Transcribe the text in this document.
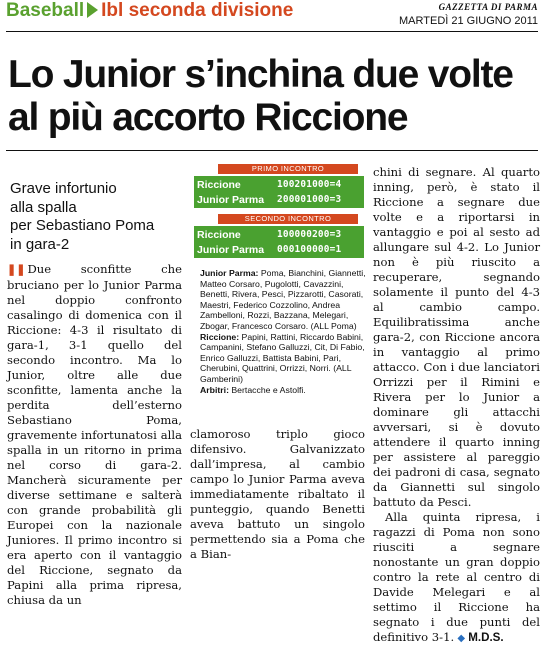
Baseball Ibl seconda divisione	GAZZETTA DI PARMA
MARTEDÌ 21 GIUGNO 2011
Lo Junior s’inchina due volte
al più accorto Riccione
Grave infortunio
alla spalla
per Sebastiano Poma
in gara-2

❚❚ Due sconfitte che bruciano per lo Junior Parma nel doppio confronto casalingo di domenica con il Riccione: 4-3 il risultato di gara-1, 3-1 quello del secondo incontro. Ma lo Junior, oltre alle due sconfitte, lamenta anche la perdita dell’esterno Sebastiano Poma, gravemente infortunatosi alla spalla in un ritorno in prima nel corso di gara-2. Mancherà sicuramente per diverse settimane e salterà con grande probabilità gli Europei con la nazionale Juniores. Il primo incontro si era aperto con il vantaggio del Riccione, segnato da Papini alla prima ripresa, chiusa da un

PRIMO INCONTRO
Riccione	100201000=4
Junior Parma 200001000=3
SECONDO INCONTRO
Riccione	100000200=3
Junior Parma 000100000=1
Junior Parma: Poma, Bianchini, Giannetti, Matteo Corsaro, Pugolotti, Cavazzini, Benetti, Rivera, Pesci, Pizzarotti, Casorati, Maestri, Federico Cozzolino, Andrea Zambelloni, Rozzi, Bazzana, Melegari, Zbogar, Francesco Corsaro. (ALL Poma)
Riccione: Papini, Rattini, Riccardo Babini, Campanini, Stefano Galluzzi, Cit, Di Fabio, Enrico Galluzzi, Battista Babini, Pari, Cherubini, Quattrini, Orrizzi, Norri. (ALL Gamberini)
Arbitri: Bertacche e Astolfi.

clamoroso triplo gioco difensivo. Galvanizzato dall’impresa, al cambio campo lo Junior Parma aveva immediatamente ribaltato il punteggio, quando Benetti aveva battuto un singolo permettendo sia a Poma che a Bian-

chini di segnare. Al quarto inning, però, è stato il Riccione a segnare due volte e a riportarsi in vantaggio e poi al sesto ad allungare sul 4-2. Lo Junior non è più riuscito a recuperare, segnando solamente il punto del 4-3 al cambio campo. Equilibratissima anche gara-2, con Riccione ancora in vantaggio al primo attacco. Con i due lanciatori Orrizzi per il Rimini e Rivera per lo Junior a dominare gli attacchi avversari, si è dovuto attendere il quarto inning per assistere al pareggio dei padroni di casa, segnato da Giannetti sul singolo battuto da Pesci.

Alla quinta ripresa, i ragazzi di Poma non sono riusciti a segnare nonostante un gran doppio contro la rete al centro di Davide Melegari e al settimo il Riccione ha segnato i due punti del definitivo 3-1. ◆ M.D.S.
